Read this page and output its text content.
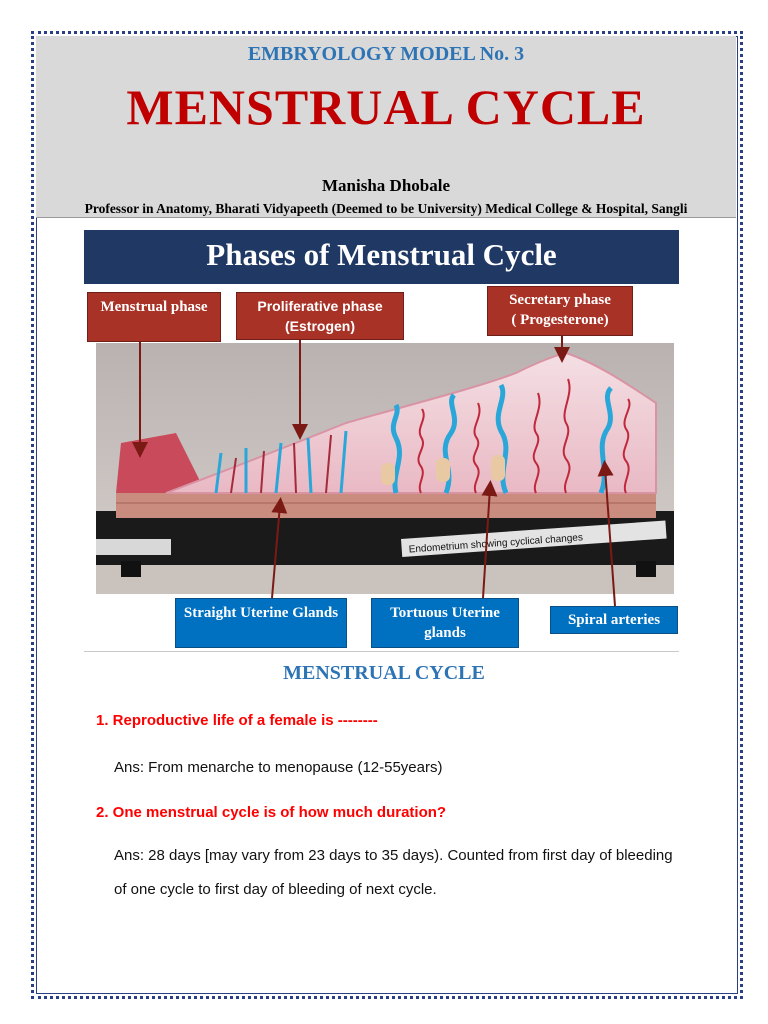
EMBRYOLOGY MODEL No. 3
MENSTRUAL CYCLE
Manisha Dhobale
Professor in Anatomy, Bharati Vidyapeeth (Deemed to be University) Medical College & Hospital, Sangli
Phases of Menstrual Cycle
Endometrium showing cyclical changes
Menstrual phase	Proliferative phase
(Estrogen)
Secretary phase
( Progesterone)
Straight Uterine Glands	Tortuous Uterine glands
Spiral arteries
MENSTRUAL CYCLE
1. Reproductive life of a female is --------
Ans: From menarche to menopause (12-55years)
2. One menstrual cycle is of how much duration?
Ans: 28 days [may vary from 23 days to 35 days). Counted from first day of bleeding of one cycle to first day of bleeding of next cycle.
